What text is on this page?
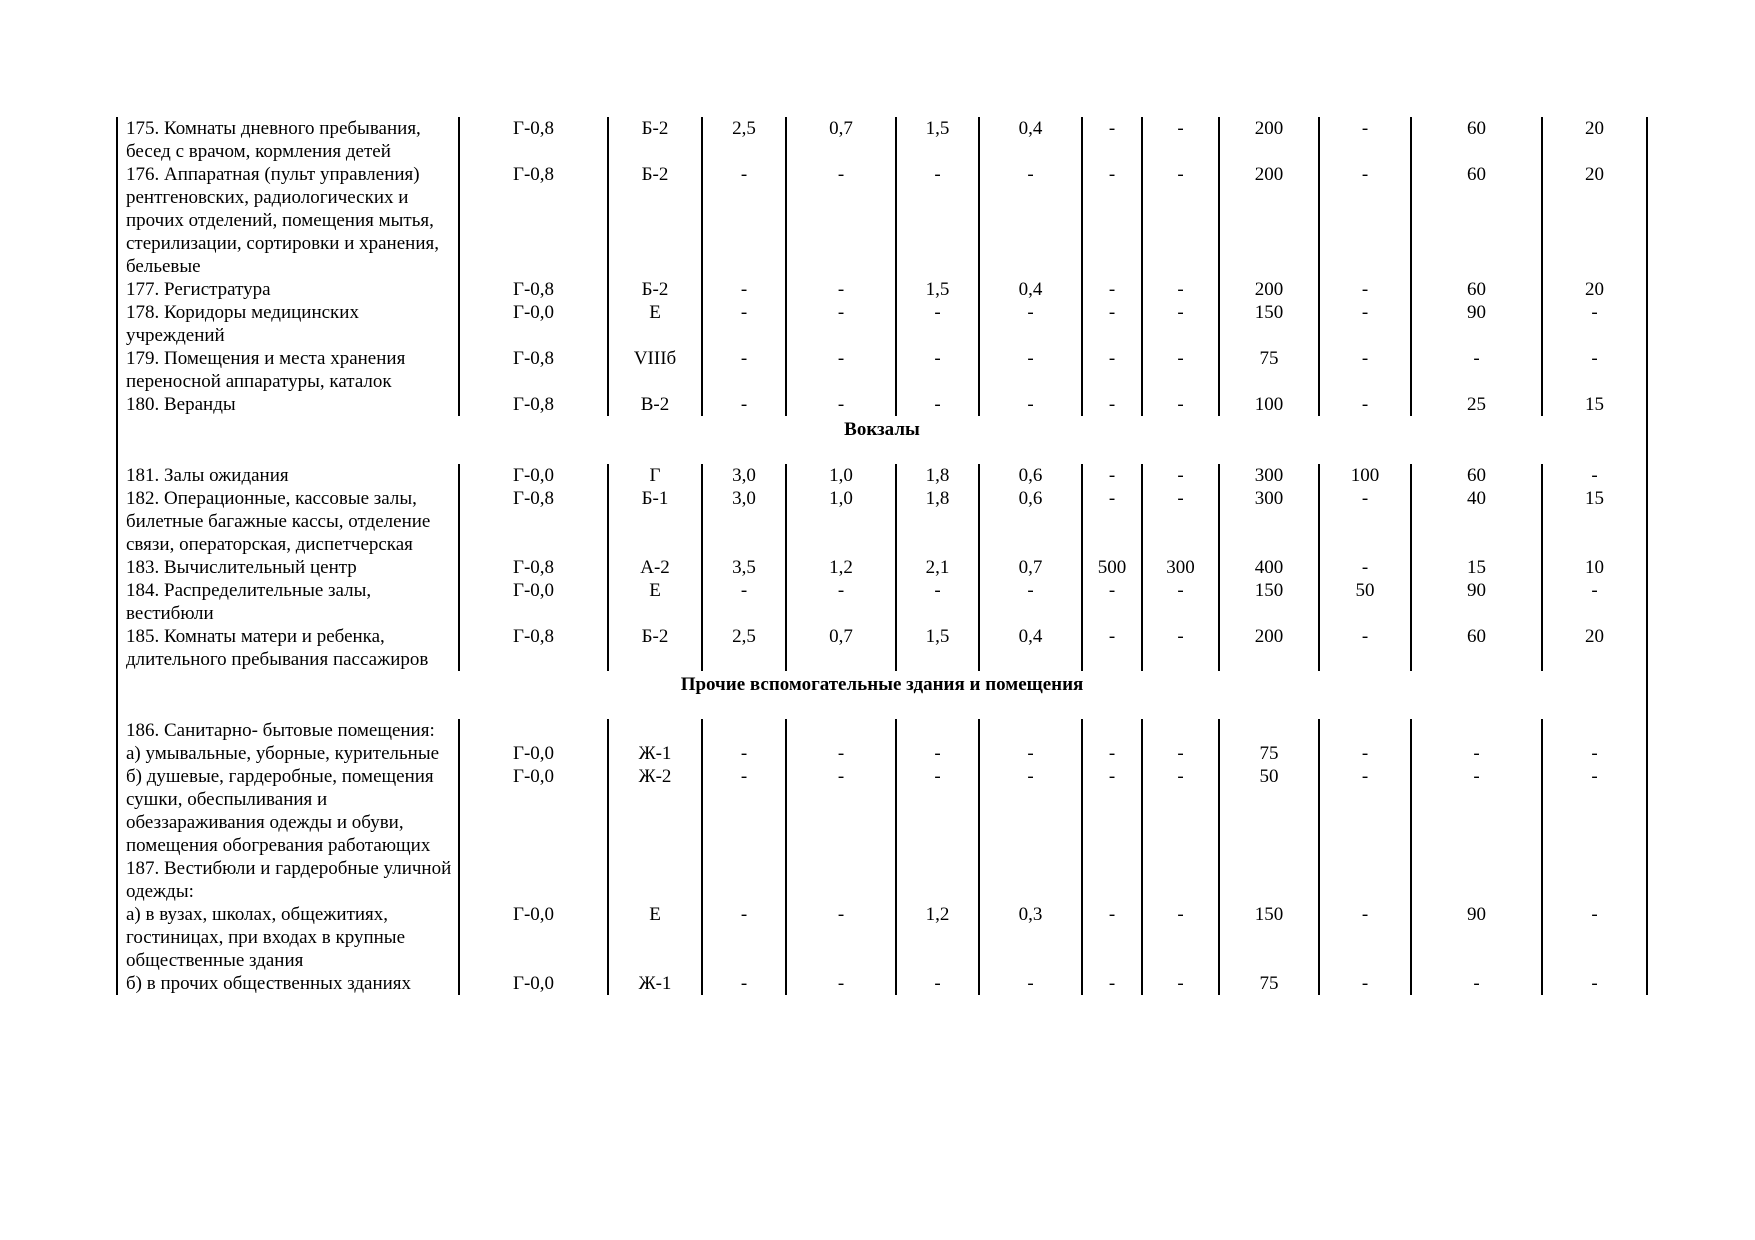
175. Комнаты дневного пребывания, бесед с врачом, кормления детей	Г-0,8	Б-2	2,5	0,7	1,5	0,4	-	-	200	-	60	20
176. Аппаратная (пульт управления) рентгеновских, радиологических и прочих отделений, помещения мытья, стерилизации, сортировки и хранения, бельевые	Г-0,8	Б-2	-	-	-	-	-	-	200	-	60	20
177. Регистратура	Г-0,8	Б-2	-	-	1,5	0,4	-	-	200	-	60	20
178. Коридоры медицинских учреждений	Г-0,0	Е	-	-	-	-	-	-	150	-	90	-
179. Помещения и места хранения переносной аппаратуры, каталок	Г-0,8	VIIIб	-	-	-	-	-	-	75	-	-	-
180. Веранды	Г-0,8	В-2	-	-	-	-	-	-	100	-	25	15
Вокзалы												
181. Залы ожидания	Г-0,0	Г	3,0	1,0	1,8	0,6	-	-	300	100	60	-
182. Операционные, кассовые залы, билетные багажные кассы, отделение связи, операторская, диспетчерская	Г-0,8	Б-1	3,0	1,0	1,8	0,6	-	-	300	-	40	15
183. Вычислительный центр	Г-0,8	А-2	3,5	1,2	2,1	0,7	500	300	400	-	15	10
184. Распределительные залы, вестибюли	Г-0,0	Е	-	-	-	-	-	-	150	50	90	-
185. Комнаты матери и ребенка, длительного пребывания пассажиров	Г-0,8	Б-2	2,5	0,7	1,5	0,4	-	-	200	-	60	20
Прочие вспомогательные здания и помещения												
186. Санитарно- бытовые помещения:												
а) умывальные, уборные, курительные	Г-0,0	Ж-1	-	-	-	-	-	-	75	-	-	-
б) душевые, гардеробные, помещения сушки, обеспыливания и обеззараживания одежды и обуви, помещения обогревания работающих	Г-0,0	Ж-2	-	-	-	-	-	-	50	-	-	-
187. Вестибюли и гардеробные уличной одежды:												
а) в вузах, школах, общежитиях, гостиницах, при входах в крупные общественные здания	Г-0,0	Е	-	-	1,2	0,3	-	-	150	-	90	-
б) в прочих общественных зданиях	Г-0,0	Ж-1	-	-	-	-	-	-	75	-	-	-
